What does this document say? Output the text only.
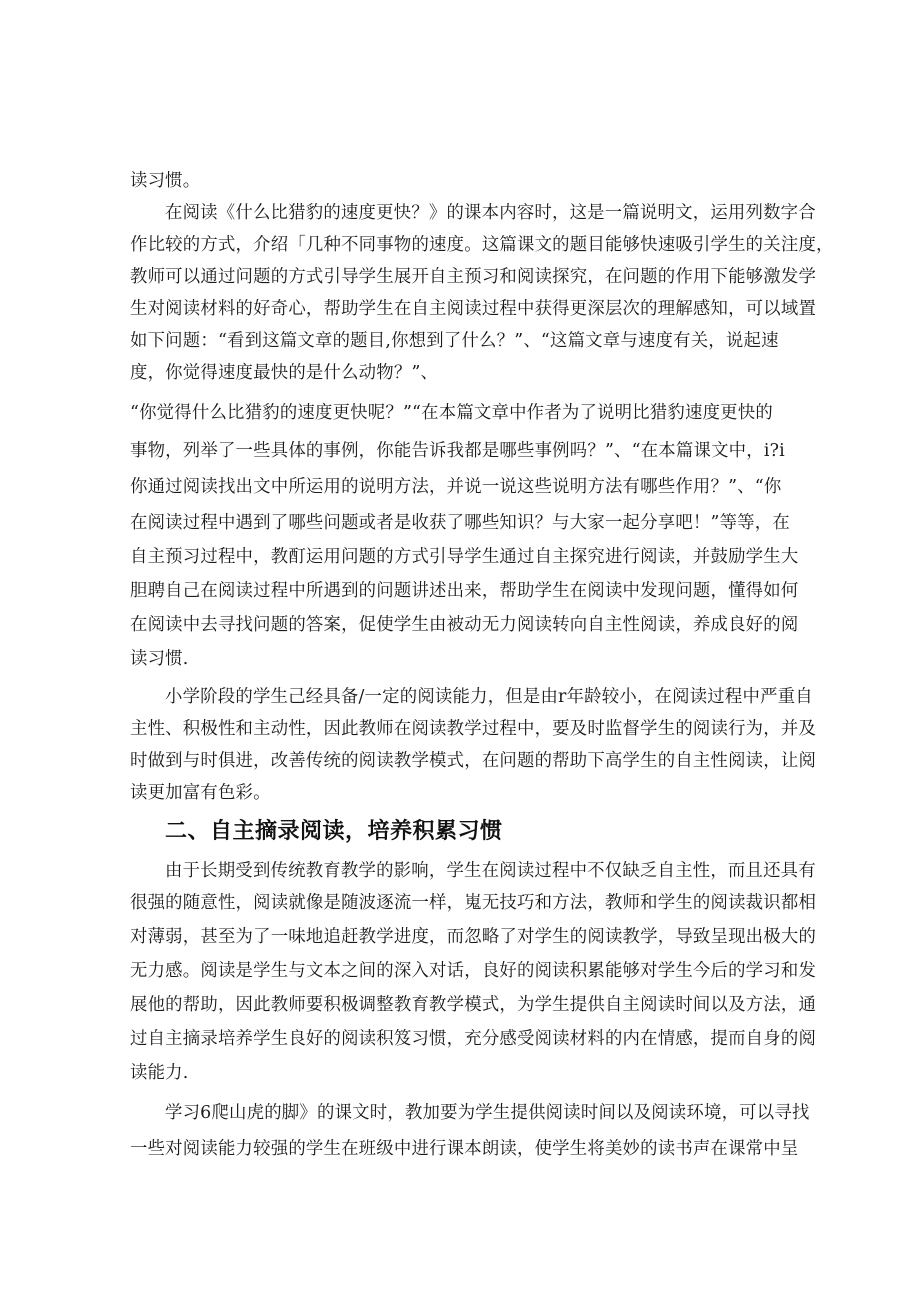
读习惯。
在阅读《什么比猎豹的速度更快？》的课本内容时，这是一篇说明文，运用列数字合
作比较的方式，介绍「几种不同事物的速度。这篇课文的题目能够快速吸引学生的关注度，
教师可以通过问题的方式引导学生展开自主预习和阅读探究，在问题的作用下能够激发学
生对阅读材料的好奇心，帮助学生在自主阅读过程中获得更深层次的理解感知，可以域置
如下问题：“看到这篇文章的题目,你想到了什么？”、“这篇文章与速度有关，说起速
度，你觉得速度最快的是什么动物？”、
“你觉得什么比猎豹的速度更快呢？”“在本篇文章中作者为了说明比猎豹速度更快的
事物，列举了一些具体的事例，你能告诉我都是哪些事例吗？”、“在本篇课文中，i?i
你通过阅读找出文中所运用的说明方法，并说一说这些说明方法有哪些作用？”、“你
在阅读过程中遇到了哪些问题或者是收获了哪些知识？与大家一起分享吧！”等等，在
自主预习过程中，教酊运用问题的方式引导学生通过自主探究进行阅读，并鼓励学生大
胆聘自己在阅读过程中所遇到的问题讲述出来，帮助学生在阅读中发现问题，懂得如何
在阅读中去寻找问题的答案，促使学生由被动无力阅读转向自主性阅读，养成良好的阅
读习惯.
小学阶段的学生己经具备/一定的阅读能力，但是由r年龄较小，在阅读过程中严重自
主性、积极性和主动性，因此教师在阅读教学过程中，要及时监督学生的阅读行为，并及
时做到与时俱进，改善传统的阅读教学模式，在问题的帮助下高学生的自主性阅读，让阅
读更加富有色彩。
二、自主摘录阅读，培养积累习惯
由于长期受到传统教育教学的影响，学生在阅读过程中不仅缺乏自主性，而且还具有
很强的随意性，阅读就像是随波逐流一样，嵬无技巧和方法，教师和学生的阅读裁识都相
对薄弱，甚至为了一味地追赶教学进度，而忽略了对学生的阅读教学，导致呈现出极大的
无力感。阅读是学生与文本之间的深入对话，良好的阅读积累能够对学生今后的学习和发
展他的帮助，因此教师要积极调整教育教学模式，为学生提供自主阅读时间以及方法，通
过自主摘录培养学生良好的阅读积笈习惯，充分感受阅读材料的内在情感，提而自身的阅
读能力.
学习6爬山虎的脚》的课文时，教加要为学生提供阅读时间以及阅读环境，可以寻找
一些对阅读能力较强的学生在班级中进行课本朗读，使学生将美妙的读书声在课常中呈
